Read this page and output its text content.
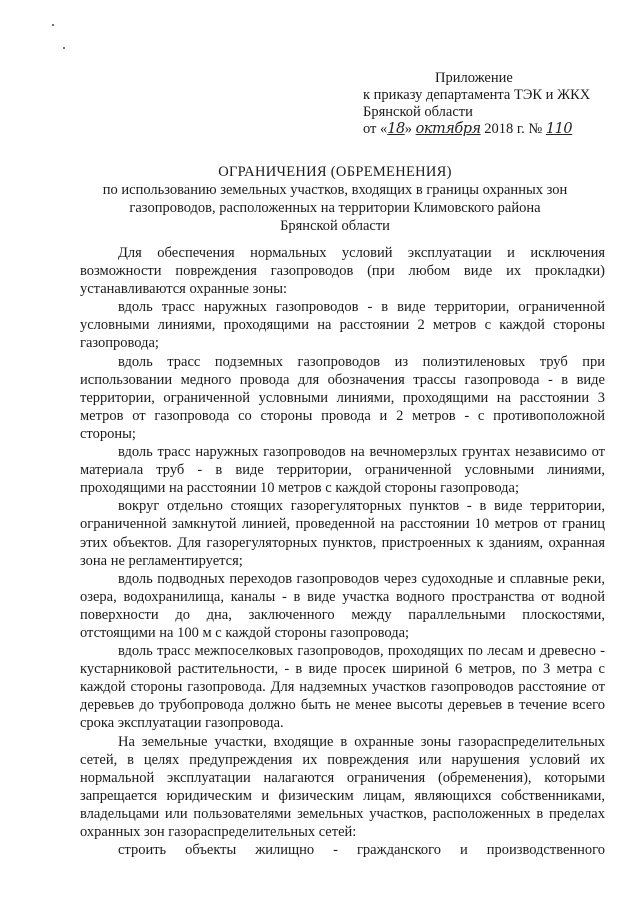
Приложение
к приказу департамента ТЭК и ЖКХ
Брянской области
от «18» октября 2018 г. № 110
ОГРАНИЧЕНИЯ (ОБРЕМЕНЕНИЯ)
по использованию земельных участков, входящих в границы охранных зон
газопроводов, расположенных на территории Климовского района
Брянской области

Для обеспечения нормальных условий эксплуатации и исключения возможности повреждения газопроводов (при любом виде их прокладки) устанавливаются охранные зоны:

вдоль трасс наружных газопроводов - в виде территории, ограниченной условными линиями, проходящими на расстоянии 2 метров с каждой стороны газопровода;

вдоль трасс подземных газопроводов из полиэтиленовых труб при использовании медного провода для обозначения трассы газопровода - в виде территории, ограниченной условными линиями, проходящими на расстоянии 3 метров от газопровода со стороны провода и 2 метров - с противоположной стороны;

вдоль трасс наружных газопроводов на вечномерзлых грунтах независимо от материала труб - в виде территории, ограниченной условными линиями, проходящими на расстоянии 10 метров с каждой стороны газопровода;

вокруг отдельно стоящих газорегуляторных пунктов - в виде территории, ограниченной замкнутой линией, проведенной на расстоянии 10 метров от границ этих объектов. Для газорегуляторных пунктов, пристроенных к зданиям, охранная зона не регламентируется;

вдоль подводных переходов газопроводов через судоходные и сплавные реки, озера, водохранилища, каналы - в виде участка водного пространства от водной поверхности до дна, заключенного между параллельными плоскостями, отстоящими на 100 м с каждой стороны газопровода;

вдоль трасс межпоселковых газопроводов, проходящих по лесам и древесно - кустарниковой растительности, - в виде просек шириной 6 метров, по 3 метра с каждой стороны газопровода. Для надземных участков газопроводов расстояние от деревьев до трубопровода должно быть не менее высоты деревьев в течение всего срока эксплуатации газопровода.

На земельные участки, входящие в охранные зоны газораспределительных сетей, в целях предупреждения их повреждения или нарушения условий их нормальной эксплуатации налагаются ограничения (обременения), которыми запрещается юридическим и физическим лицам, являющихся собственниками, владельцами или пользователями земельных участков, расположенных в пределах охранных зон газораспределительных сетей:

строить объекты жилищно - гражданского и производственного
